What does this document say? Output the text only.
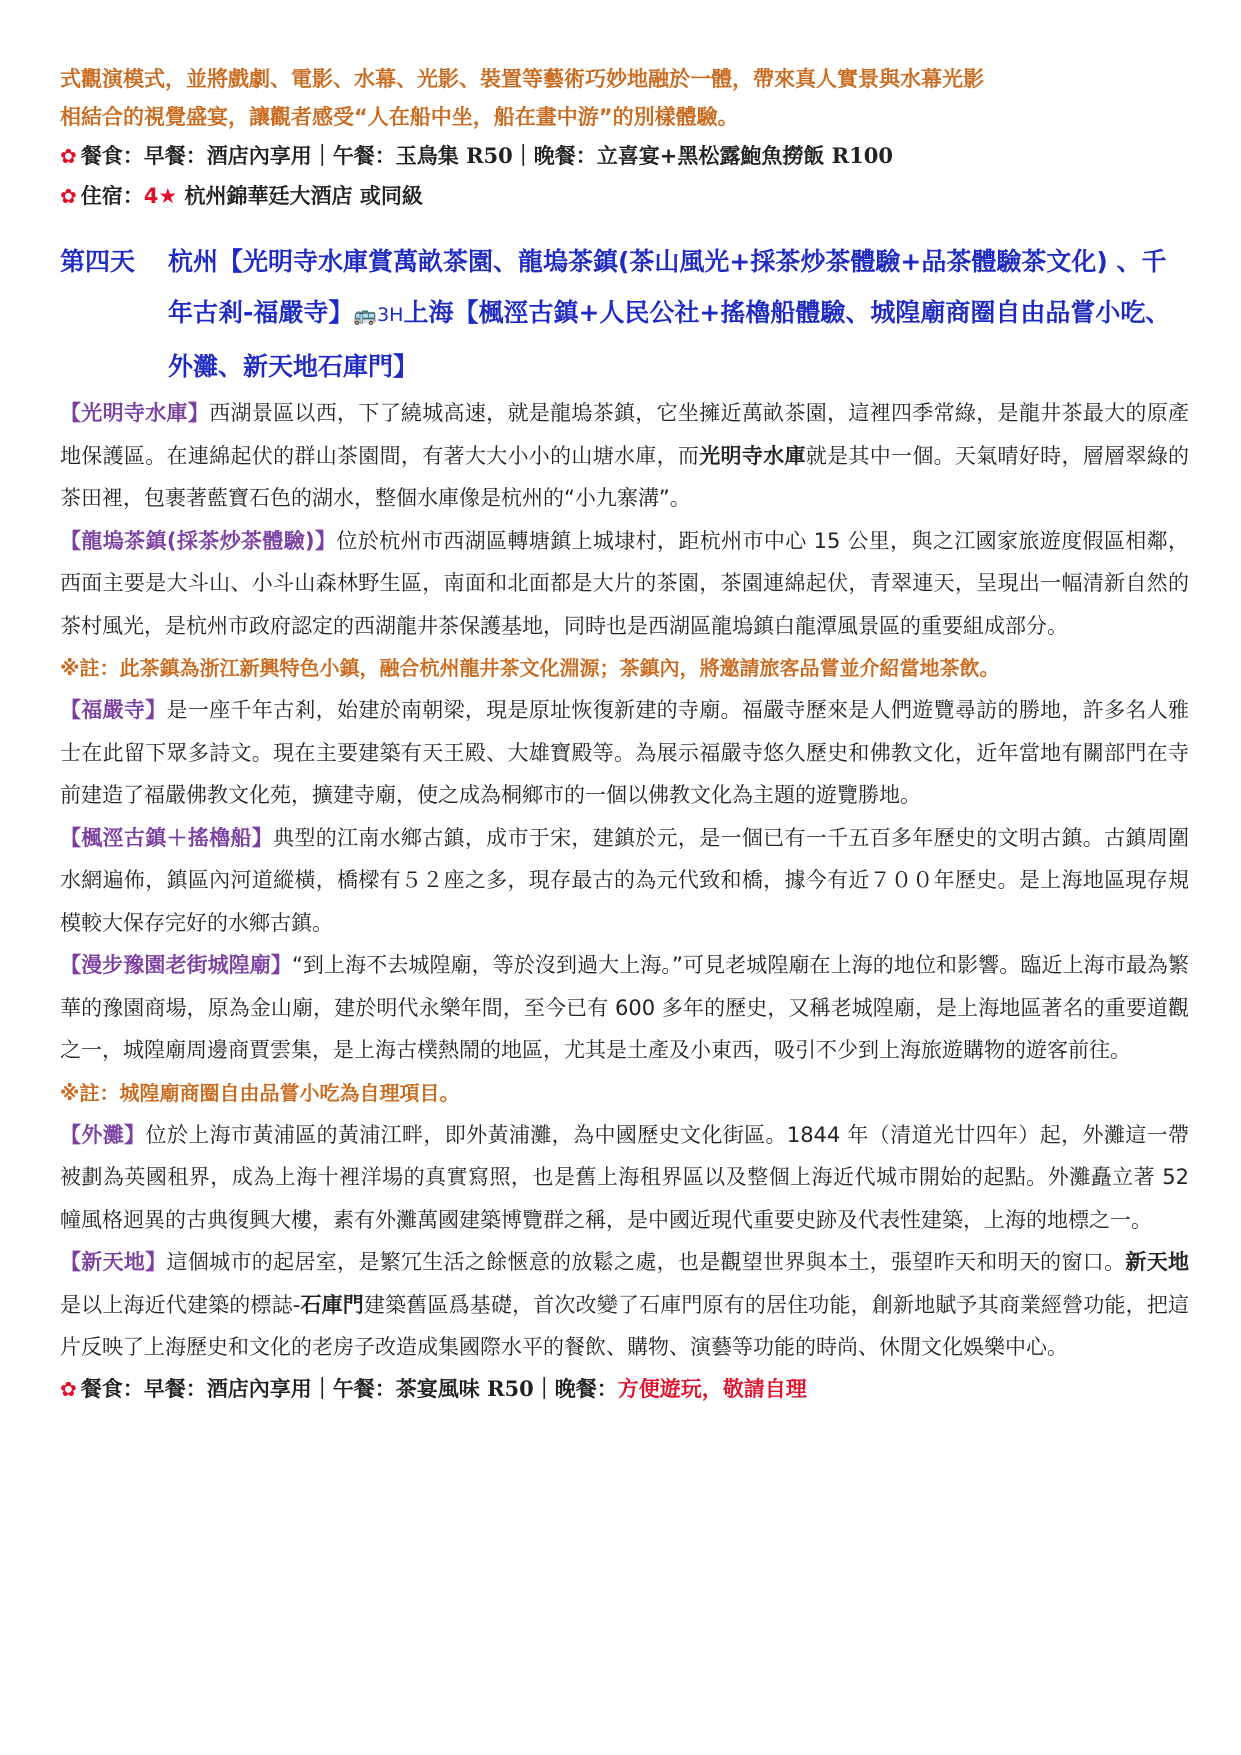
式觀演模式，並將戲劇、電影、水幕、光影、裝置等藝術巧妙地融於一體，帶來真人實景與水幕光影
相結合的視覺盛宴，讓觀者感受“人在船中坐，船在畫中游”的別樣體驗。
✿ 餐食：早餐：酒店內享用｜午餐：玉鳥集 R50｜晚餐：立喜宴+黑松露鮑魚撈飯 R100
✿ 住宿：4★ 杭州錦華廷大酒店 或同級
第四天	杭州【光明寺水庫賞萬畝茶園、龍塢茶鎮(茶山風光+採茶炒茶體驗+品茶體驗茶文化) 、千年古剎-福嚴寺】🚌3H上海【楓涇古鎮+人民公社+搖櫓船體驗、城隍廟商圈自由品嘗小吃、外灘、新天地石庫門】

【光明寺水庫】西湖景區以西，下了繞城高速，就是龍塢茶鎮，它坐擁近萬畝茶園，這裡四季常綠，是龍井茶最大的原產地保護區。在連綿起伏的群山茶園間，有著大大小小的山塘水庫，而光明寺水庫就是其中一個。天氣晴好時，層層翠綠的茶田裡，包裹著藍寶石色的湖水，整個水庫像是杭州的“小九寨溝”。

【龍塢茶鎮(採茶炒茶體驗)】位於杭州市西湖區轉塘鎮上城埭村，距杭州市中心 15 公里，與之江國家旅遊度假區相鄰，西面主要是大斗山、小斗山森林野生區，南面和北面都是大片的茶園，茶園連綿起伏，青翠連天，呈現出一幅清新自然的茶村風光，是杭州市政府認定的西湖龍井茶保護基地，同時也是西湖區龍塢鎮白龍潭風景區的重要組成部分。

※註：此茶鎮為浙江新興特色小鎮，融合杭州龍井茶文化淵源；茶鎮內，將邀請旅客品嘗並介紹當地茶飲。

【福嚴寺】是一座千年古剎，始建於南朝梁，現是原址恢復新建的寺廟。福嚴寺歷來是人們遊覽尋訪的勝地，許多名人雅士在此留下眾多詩文。現在主要建築有天王殿、大雄寶殿等。為展示福嚴寺悠久歷史和佛教文化，近年當地有關部門在寺前建造了福嚴佛教文化苑，擴建寺廟，使之成為桐鄉市的一個以佛教文化為主題的遊覽勝地。

【楓涇古鎮＋搖櫓船】典型的江南水鄉古鎮，成市于宋，建鎮於元，是一個已有一千五百多年歷史的文明古鎮。古鎮周圍水網遍佈，鎮區內河道縱橫，橋樑有５２座之多，現存最古的為元代致和橋，據今有近７００年歷史。是上海地區現存規模較大保存完好的水鄉古鎮。

【漫步豫園老街城隍廟】“到上海不去城隍廟，等於沒到過大上海。”可見老城隍廟在上海的地位和影響。臨近上海市最為繁華的豫園商場，原為金山廟，建於明代永樂年間，至今已有 600 多年的歷史，又稱老城隍廟，是上海地區著名的重要道觀之一，城隍廟周邊商賈雲集，是上海古樸熱鬧的地區，尤其是土產及小東西，吸引不少到上海旅遊購物的遊客前往。

※註：城隍廟商圈自由品嘗小吃為自理項目。

【外灘】位於上海市黃浦區的黃浦江畔，即外黃浦灘，為中國歷史文化街區。1844 年（清道光廿四年）起，外灘這一帶被劃為英國租界，成為上海十裡洋場的真實寫照，也是舊上海租界區以及整個上海近代城市開始的起點。外灘矗立著 52 幢風格迥異的古典復興大樓，素有外灘萬國建築博覽群之稱，是中國近現代重要史跡及代表性建築，上海的地標之一。

【新天地】這個城市的起居室，是繁冗生活之餘愜意的放鬆之處，也是觀望世界與本土，張望昨天和明天的窗口。新天地是以上海近代建築的標誌-石庫門建築舊區爲基礎，首次改變了石庫門原有的居住功能，創新地賦予其商業經營功能，把這片反映了上海歷史和文化的老房子改造成集國際水平的餐飲、購物、演藝等功能的時尚、休閒文化娛樂中心。

✿ 餐食：早餐：酒店內享用｜午餐：茶宴風味 R50｜晚餐：方便遊玩，敬請自理
